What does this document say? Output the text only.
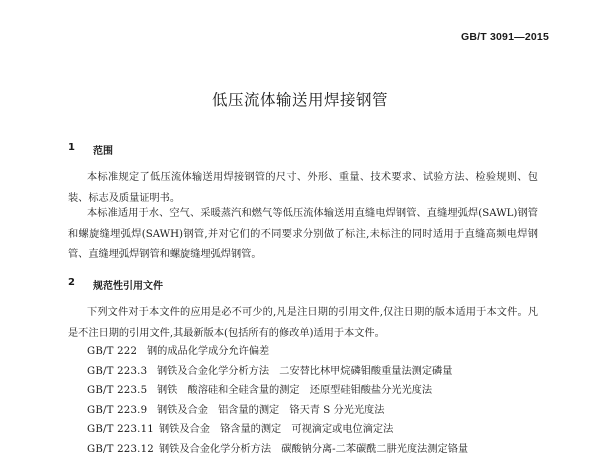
GB/T 3091—2015
低压流体输送用焊接钢管
1 范围

本标准规定了低压流体输送用焊接钢管的尺寸、外形、重量、技术要求、试验方法、检验规则、包装、标志及质量证明书。

本标准适用于水、空气、采暖蒸汽和燃气等低压流体输送用直缝电焊钢管、直缝埋弧焊(SAWL)钢管和螺旋缝埋弧焊(SAWH)钢管,并对它们的不同要求分别做了标注,未标注的同时适用于直缝高频电焊钢管、直缝埋弧焊钢管和螺旋缝埋弧焊钢管。

2 规范性引用文件

下列文件对于本文件的应用是必不可少的,凡是注日期的引用文件,仅注日期的版本适用于本文件。凡是不注日期的引用文件,其最新版本(包括所有的修改单)适用于本文件。

GB/T 222 钢的成品化学成分允许偏差
GB/T 223.3 钢铁及合金化学分析方法　二安替比林甲烷磷钼酸重量法测定磷量
GB/T 223.5 钢铁　酸溶硅和全硅含量的测定　还原型硅钼酸盐分光光度法
GB/T 223.9 钢铁及合金　铝含量的测定　铬天青 S 分光光度法
GB/T 223.11 钢铁及合金　铬含量的测定　可视滴定或电位滴定法
GB/T 223.12 钢铁及合金化学分析方法　碳酸钠分离-二苯碳酰二肼光度法测定铬量
